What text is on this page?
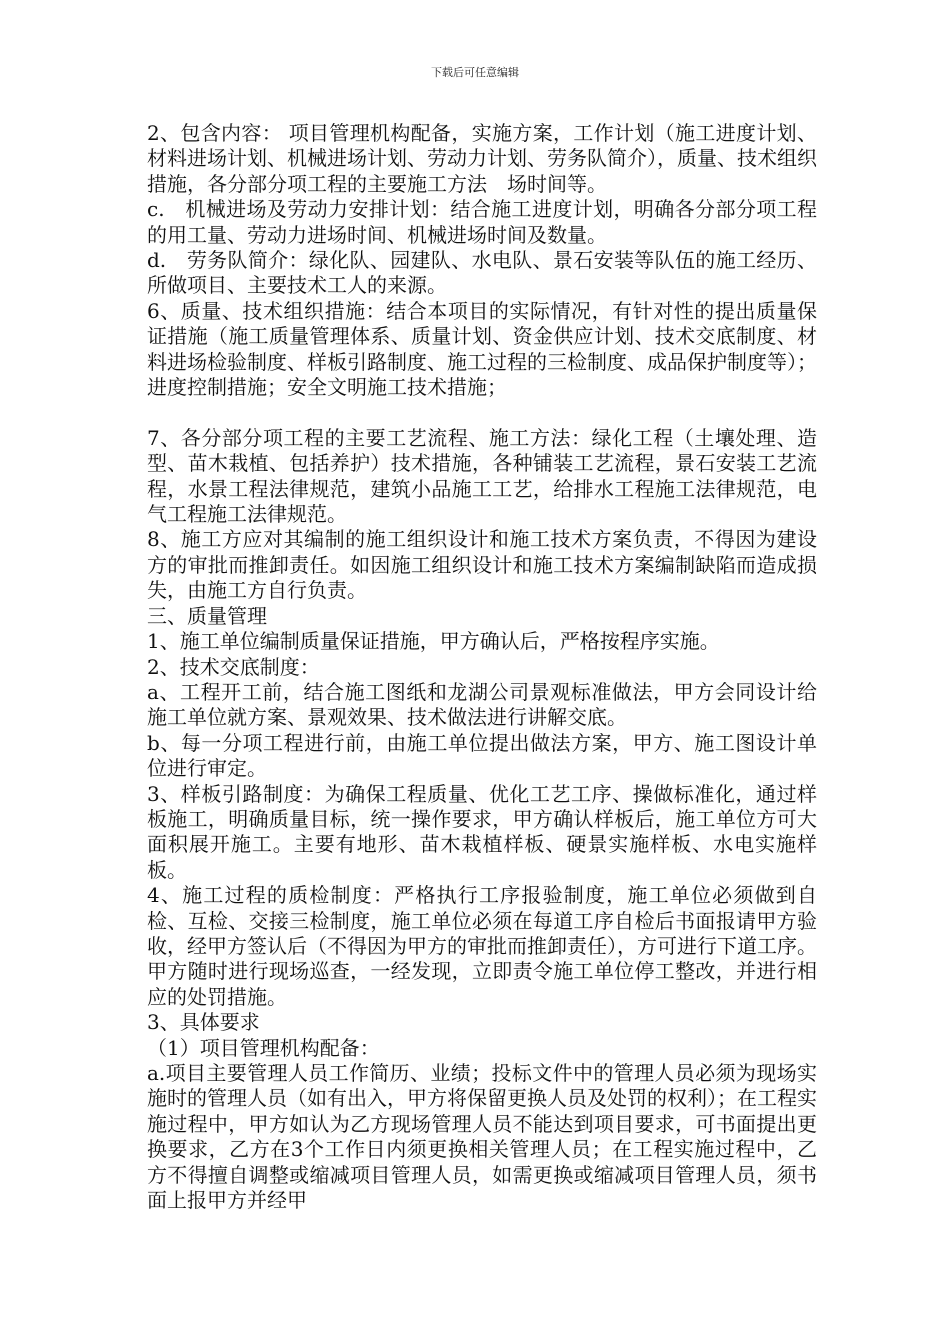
下载后可任意编辑

2、包含内容： 项目管理机构配备，实施方案，工作计划（施工进度计划、材料进场计划、机械进场计划、劳动力计划、劳务队简介），质量、技术组织措施，各分部分项工程的主要施工方法　场时间等。

c.　机械进场及劳动力安排计划：结合施工进度计划，明确各分部分项工程的用工量、劳动力进场时间、机械进场时间及数量。

d.　劳务队简介：绿化队、园建队、水电队、景石安装等队伍的施工经历、所做项目、主要技术工人的来源。

6、质量、技术组织措施：结合本项目的实际情况，有针对性的提出质量保证措施（施工质量管理体系、质量计划、资金供应计划、技术交底制度、材料进场检验制度、样板引路制度、施工过程的三检制度、成品保护制度等）；进度控制措施；安全文明施工技术措施；

7、各分部分项工程的主要工艺流程、施工方法：绿化工程（土壤处理、造型、苗木栽植、包括养护）技术措施，各种铺装工艺流程，景石安装工艺流程，水景工程法律规范，建筑小品施工工艺，给排水工程施工法律规范，电气工程施工法律规范。

8、施工方应对其编制的施工组织设计和施工技术方案负责，不得因为建设方的审批而推卸责任。如因施工组织设计和施工技术方案编制缺陷而造成损失，由施工方自行负责。

三、质量管理

1、施工单位编制质量保证措施，甲方确认后，严格按程序实施。

2、技术交底制度：

a、工程开工前，结合施工图纸和龙湖公司景观标准做法，甲方会同设计给施工单位就方案、景观效果、技术做法进行讲解交底。

b、每一分项工程进行前，由施工单位提出做法方案，甲方、施工图设计单位进行审定。

3、样板引路制度：为确保工程质量、优化工艺工序、操做标准化，通过样板施工，明确质量目标，统一操作要求，甲方确认样板后，施工单位方可大面积展开施工。主要有地形、苗木栽植样板、硬景实施样板、水电实施样板。

4、施工过程的质检制度：严格执行工序报验制度，施工单位必须做到自检、互检、交接三检制度，施工单位必须在每道工序自检后书面报请甲方验收，经甲方签认后（不得因为甲方的审批而推卸责任），方可进行下道工序。甲方随时进行现场巡查，一经发现，立即责令施工单位停工整改，并进行相应的处罚措施。

3、具体要求

（1）项目管理机构配备：

a.项目主要管理人员工作简历、业绩；投标文件中的管理人员必须为现场实施时的管理人员（如有出入，甲方将保留更换人员及处罚的权利）；在工程实施过程中，甲方如认为乙方现场管理人员不能达到项目要求，可书面提出更换要求，乙方在3个工作日内须更换相关管理人员；在工程实施过程中，乙方不得擅自调整或缩减项目管理人员，如需更换或缩减项目管理人员，须书面上报甲方并经甲
